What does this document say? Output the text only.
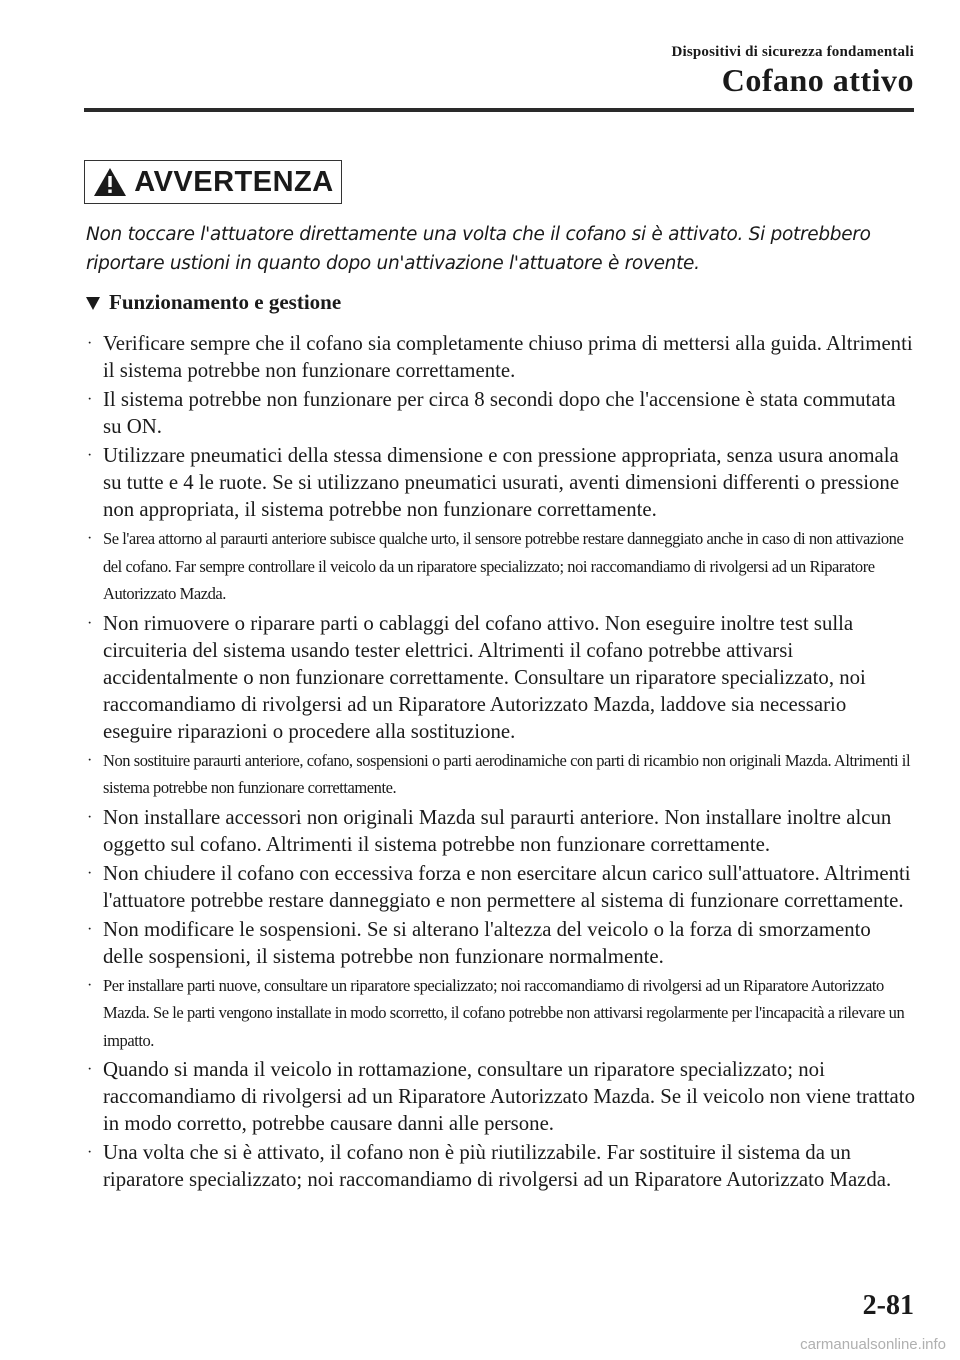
Dispositivi di sicurezza fondamentali
Cofano attivo
AVVERTENZA
Non toccare l'attuatore direttamente una volta che il cofano si è attivato. Si potrebbero riportare ustioni in quanto dopo un'attivazione l'attuatore è rovente.
Funzionamento e gestione
· Verificare sempre che il cofano sia completamente chiuso prima di mettersi alla guida. Altrimenti il sistema potrebbe non funzionare correttamente.
· Il sistema potrebbe non funzionare per circa 8 secondi dopo che l'accensione è stata commutata su ON.
· Utilizzare pneumatici della stessa dimensione e con pressione appropriata, senza usura anomala su tutte e 4 le ruote. Se si utilizzano pneumatici usurati, aventi dimensioni differenti o pressione non appropriata, il sistema potrebbe non funzionare correttamente.
· Se l'area attorno al paraurti anteriore subisce qualche urto, il sensore potrebbe restare danneggiato anche in caso di non attivazione del cofano. Far sempre controllare il veicolo da un riparatore specializzato; noi raccomandiamo di rivolgersi ad un Riparatore Autorizzato Mazda.
· Non rimuovere o riparare parti o cablaggi del cofano attivo. Non eseguire inoltre test sulla circuiteria del sistema usando tester elettrici. Altrimenti il cofano potrebbe attivarsi accidentalmente o non funzionare correttamente. Consultare un riparatore specializzato, noi raccomandiamo di rivolgersi ad un Riparatore Autorizzato Mazda, laddove sia necessario eseguire riparazioni o procedere alla sostituzione.
· Non sostituire paraurti anteriore, cofano, sospensioni o parti aerodinamiche con parti di ricambio non originali Mazda. Altrimenti il sistema potrebbe non funzionare correttamente.
· Non installare accessori non originali Mazda sul paraurti anteriore. Non installare inoltre alcun oggetto sul cofano. Altrimenti il sistema potrebbe non funzionare correttamente.
· Non chiudere il cofano con eccessiva forza e non esercitare alcun carico sull'attuatore. Altrimenti l'attuatore potrebbe restare danneggiato e non permettere al sistema di funzionare correttamente.
· Non modificare le sospensioni. Se si alterano l'altezza del veicolo o la forza di smorzamento delle sospensioni, il sistema potrebbe non funzionare normalmente.
· Per installare parti nuove, consultare un riparatore specializzato; noi raccomandiamo di rivolgersi ad un Riparatore Autorizzato Mazda. Se le parti vengono installate in modo scorretto, il cofano potrebbe non attivarsi regolarmente per l'incapacità a rilevare un impatto.
· Quando si manda il veicolo in rottamazione, consultare un riparatore specializzato; noi raccomandiamo di rivolgersi ad un Riparatore Autorizzato Mazda. Se il veicolo non viene trattato in modo corretto, potrebbe causare danni alle persone.
· Una volta che si è attivato, il cofano non è più riutilizzabile. Far sostituire il sistema da un riparatore specializzato; noi raccomandiamo di rivolgersi ad un Riparatore Autorizzato Mazda.
2-81
carmanualsonline.info
